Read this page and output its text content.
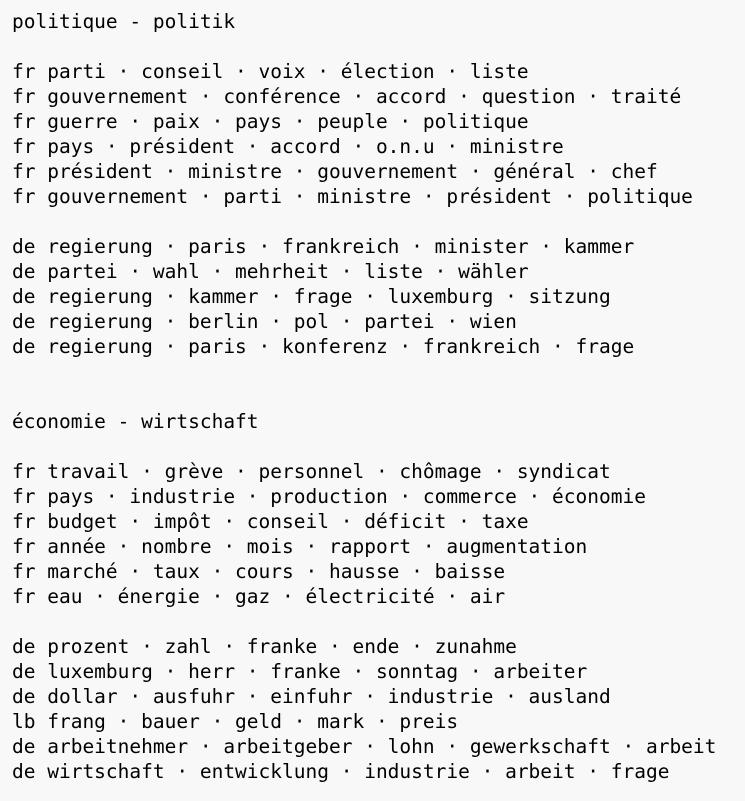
politique - politik
fr parti · conseil · voix · élection · liste
fr gouvernement · conférence · accord · question · traité
fr guerre · paix · pays · peuple · politique
fr pays · président · accord · o.n.u · ministre
fr président · ministre · gouvernement · général · chef
fr gouvernement · parti · ministre · président · politique
de regierung · paris · frankreich · minister · kammer
de partei · wahl · mehrheit · liste · wähler
de regierung · kammer · frage · luxemburg · sitzung
de regierung · berlin · pol · partei · wien
de regierung · paris · konferenz · frankreich · frage
économie - wirtschaft
fr travail · grève · personnel · chômage · syndicat
fr pays · industrie · production · commerce · économie
fr budget · impôt · conseil · déficit · taxe
fr année · nombre · mois · rapport · augmentation
fr marché · taux · cours · hausse · baisse
fr eau · énergie · gaz · électricité · air
de prozent · zahl · franke · ende · zunahme
de luxemburg · herr · franke · sonntag · arbeiter
de dollar · ausfuhr · einfuhr · industrie · ausland
lb frang · bauer · geld · mark · preis
de arbeitnehmer · arbeitgeber · lohn · gewerkschaft · arbeit
de wirtschaft · entwicklung · industrie · arbeit · frage
